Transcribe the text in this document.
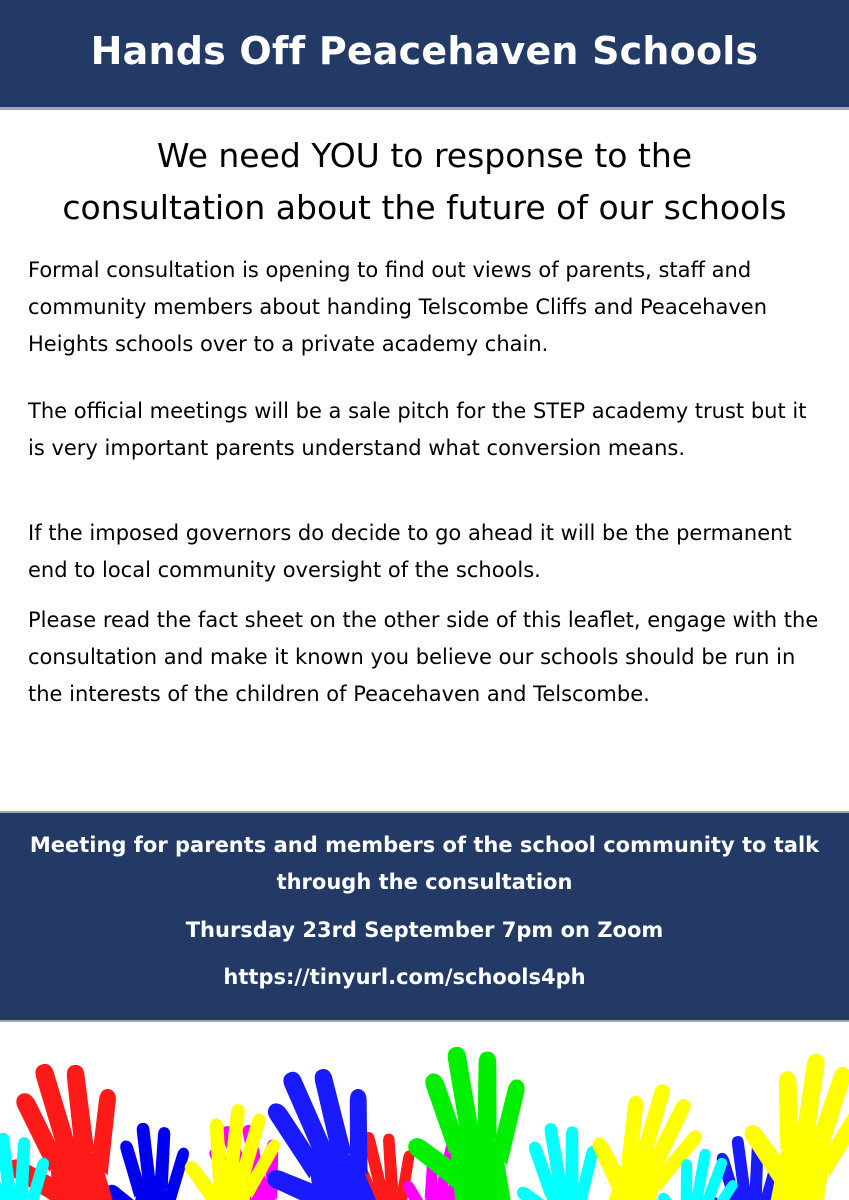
Hands Off Peacehaven Schools
We need YOU to response to the
consultation about the future of our schools

Formal consultation is opening to find out views of parents, staff and community members about handing Telscombe Cliffs and Peacehaven Heights schools over to a private academy chain.

The official meetings will be a sale pitch for the STEP academy trust but it is very important parents understand what conversion means.

If the imposed governors do decide to go ahead it will be the permanent end to local community oversight of the schools.

Please read the fact sheet on the other side of this leaflet, engage with the consultation and make it known you believe our schools should be run in the interests of the children of Peacehaven and Telscombe.

Meeting for parents and members of the school community to talk through the consultation
Thursday 23rd September 7pm on Zoom
https://tinyurl.com/schools4ph
